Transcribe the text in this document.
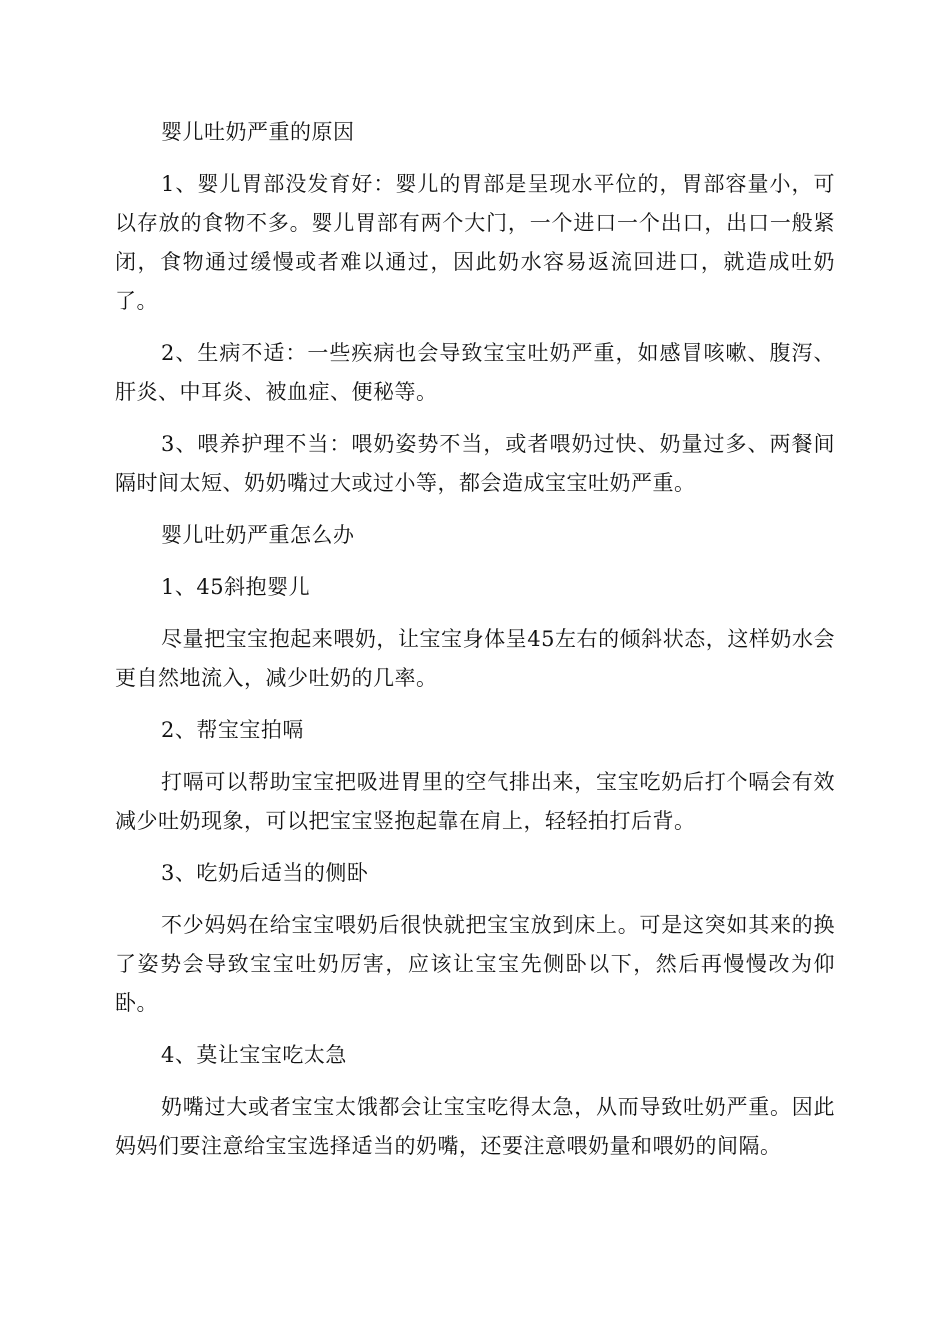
婴儿吐奶严重的原因

1、婴儿胃部没发育好：婴儿的胃部是呈现水平位的，胃部容量小，可以存放的食物不多。婴儿胃部有两个大门，一个进口一个出口，出口一般紧闭，食物通过缓慢或者难以通过，因此奶水容易返流回进口，就造成吐奶了。

2、生病不适：一些疾病也会导致宝宝吐奶严重，如感冒咳嗽、腹泻、肝炎、中耳炎、被血症、便秘等。

3、喂养护理不当：喂奶姿势不当，或者喂奶过快、奶量过多、两餐间隔时间太短、奶奶嘴过大或过小等，都会造成宝宝吐奶严重。

婴儿吐奶严重怎么办

1、45斜抱婴儿

尽量把宝宝抱起来喂奶，让宝宝身体呈45左右的倾斜状态，这样奶水会更自然地流入，减少吐奶的几率。

2、帮宝宝拍嗝

打嗝可以帮助宝宝把吸进胃里的空气排出来，宝宝吃奶后打个嗝会有效减少吐奶现象，可以把宝宝竖抱起靠在肩上，轻轻拍打后背。

3、吃奶后适当的侧卧

不少妈妈在给宝宝喂奶后很快就把宝宝放到床上。可是这突如其来的换了姿势会导致宝宝吐奶厉害，应该让宝宝先侧卧以下，然后再慢慢改为仰卧。

4、莫让宝宝吃太急

奶嘴过大或者宝宝太饿都会让宝宝吃得太急，从而导致吐奶严重。因此妈妈们要注意给宝宝选择适当的奶嘴，还要注意喂奶量和喂奶的间隔。
